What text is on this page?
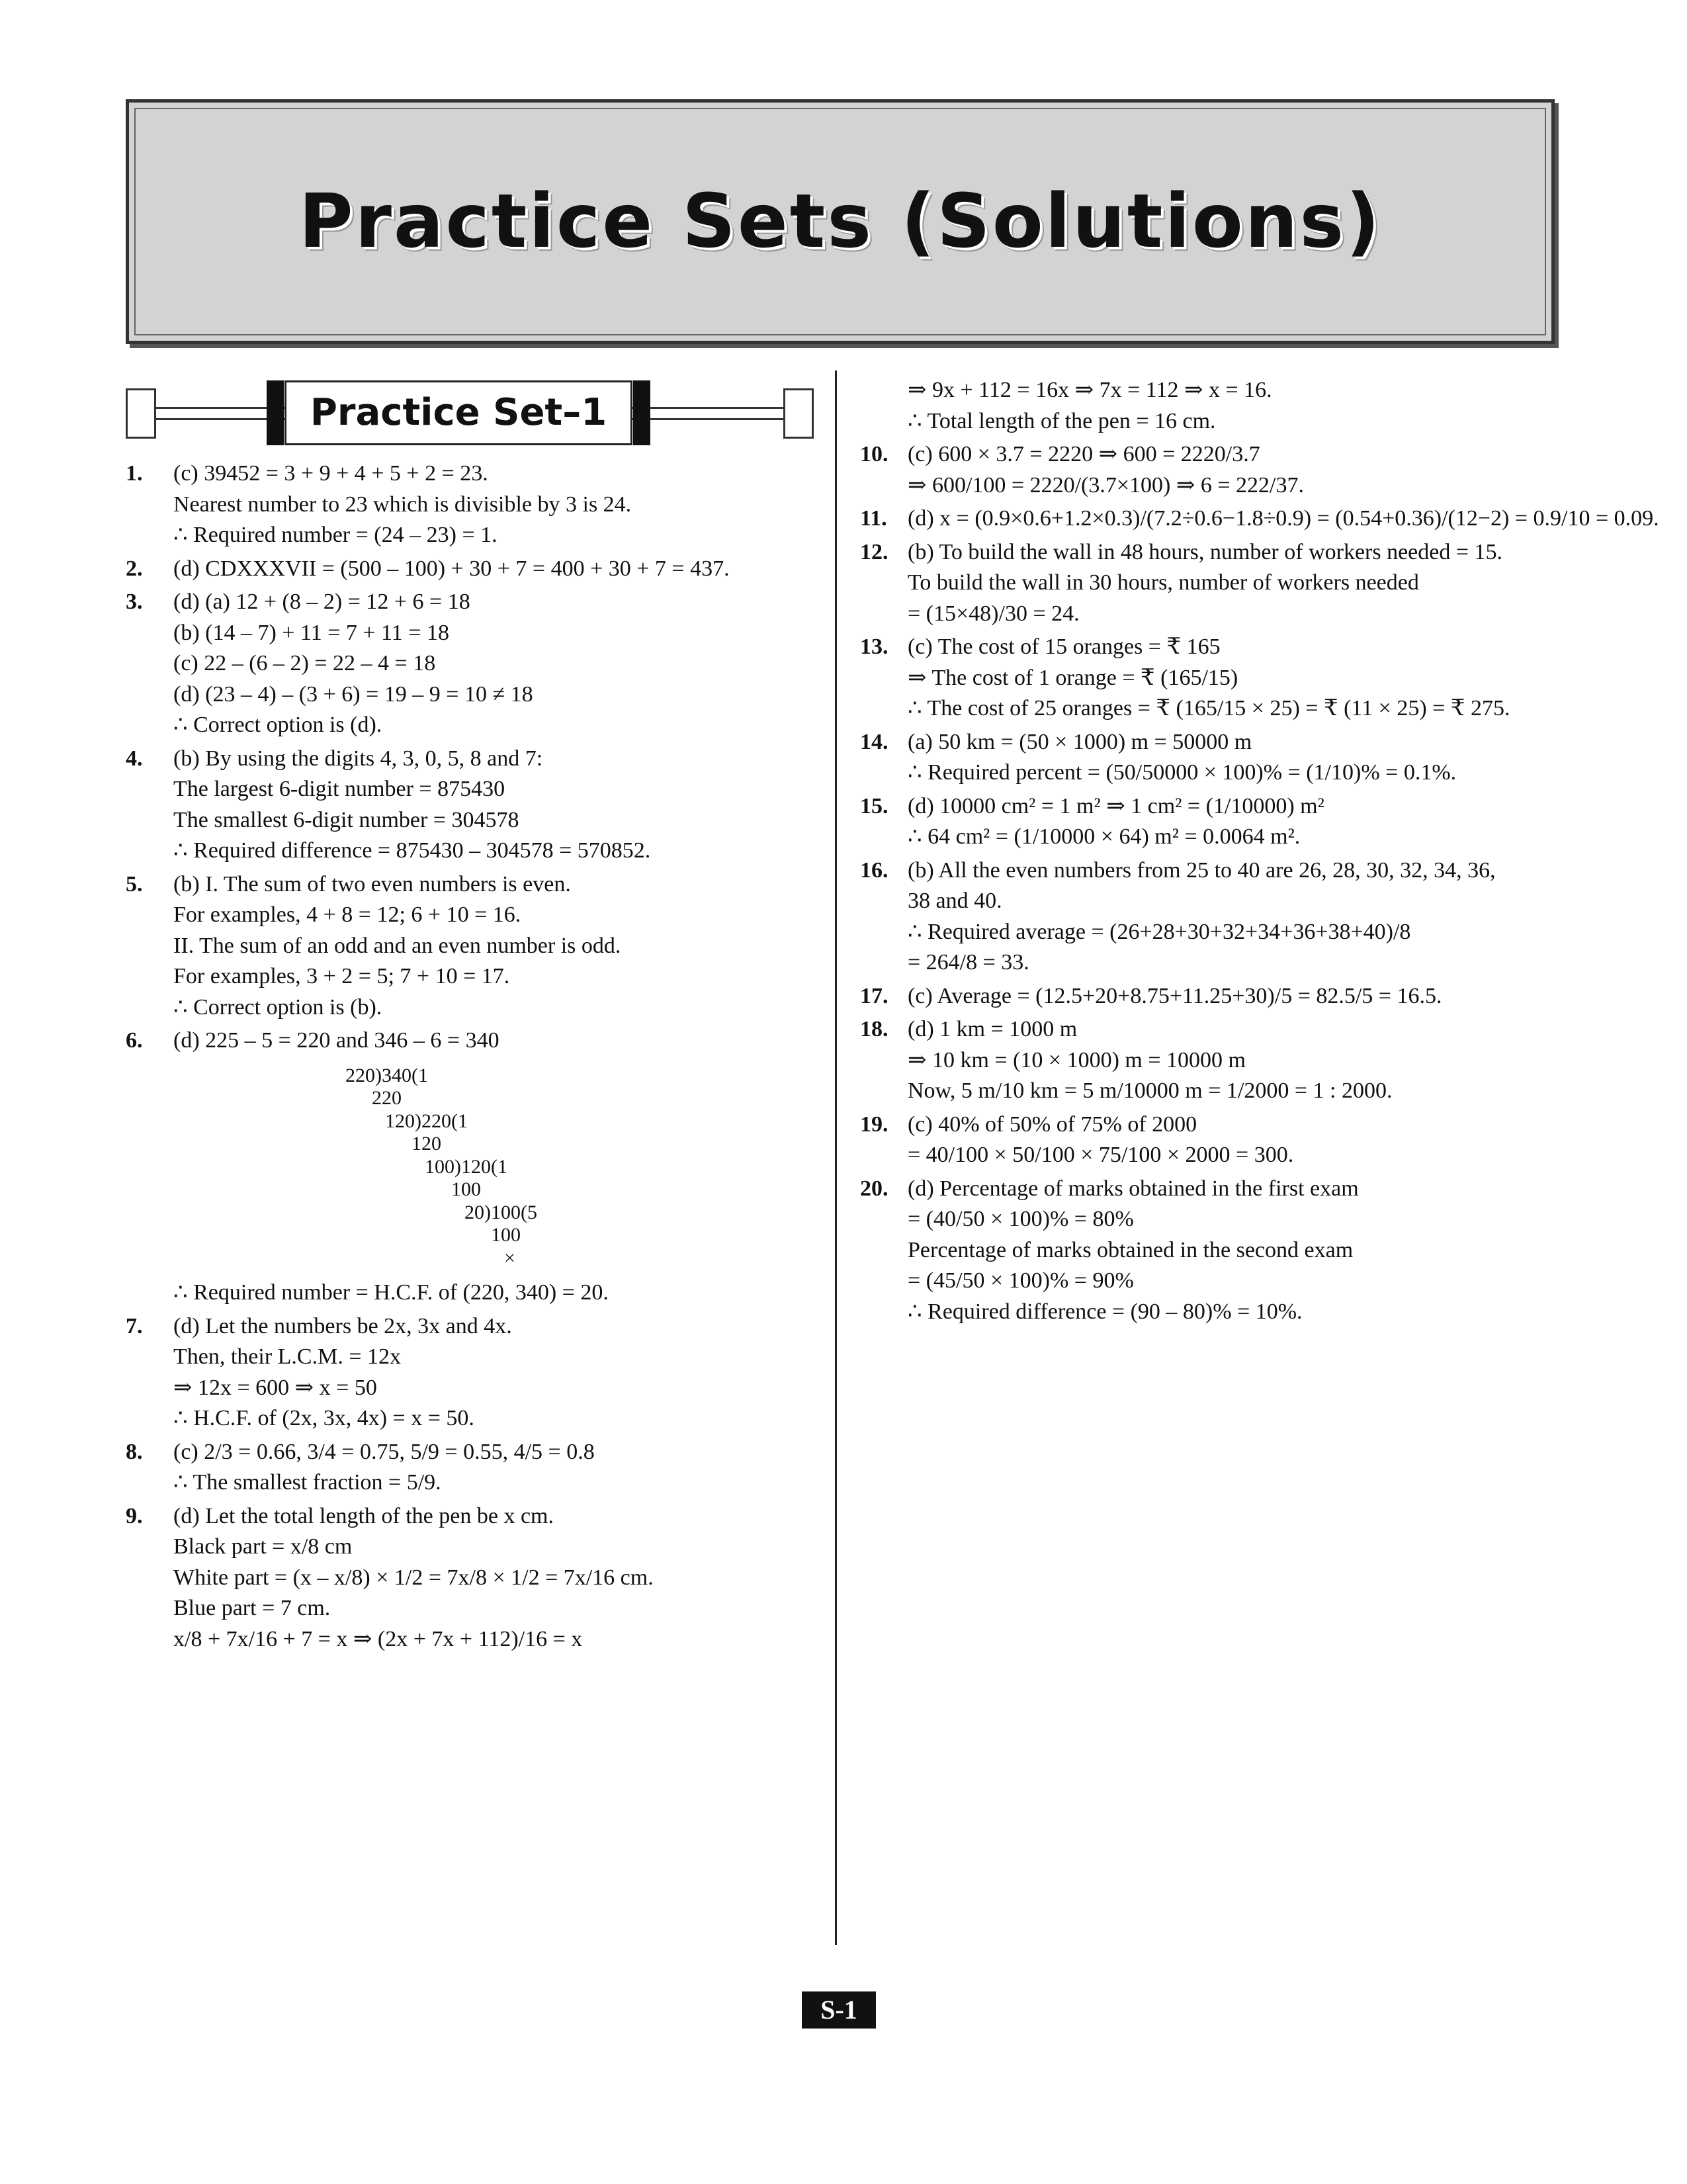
Practice Sets (Solutions)
Practice Set–1
1. (c) 39452 = 3 + 9 + 4 + 5 + 2 = 23.
Nearest number to 23 which is divisible by 3 is 24.
∴ Required number = (24 – 23) = 1.
2. (d) CDXXXVII = (500 – 100) + 30 + 7 = 400 + 30 + 7 = 437.
3. (d) (a) 12 + (8 – 2) = 12 + 6 = 18
(b) (14 – 7) + 11 = 7 + 11 = 18
(c) 22 – (6 – 2) = 22 – 4 = 18
(d) (23 – 4) – (3 + 6) = 19 – 9 = 10 ≠ 18
∴ Correct option is (d).
4. (b) By using the digits 4, 3, 0, 5, 8 and 7:
The largest 6-digit number = 875430
The smallest 6-digit number = 304578
∴ Required difference = 875430 – 304578 = 570852.
5. (b) I. The sum of two even numbers is even.
For examples, 4 + 8 = 12; 6 + 10 = 16.
II. The sum of an odd and an even number is odd.
For examples, 3 + 2 = 5; 7 + 10 = 17.
∴ Correct option is (b).
6. (d) 225 – 5 = 220 and 346 – 6 = 340
220)340(1
220
120)220(1
120
100)120(1
100
20)100(5
100
×
∴ Required number = H.C.F. of (220, 340) = 20.
7. (d) Let the numbers be 2x, 3x and 4x.
Then, their L.C.M. = 12x
⇒ 12x = 600 ⇒ x = 50
∴ H.C.F. of (2x, 3x, 4x) = x = 50.
8. (c) 2/3 = 0.66, 3/4 = 0.75, 5/9 = 0.55, 4/5 = 0.8
∴ The smallest fraction = 5/9.
9. (d) Let the total length of the pen be x cm.
Black part = x/8 cm
White part = (x – x/8) × 1/2 = 7x/8 × 1/2 = 7x/16 cm.
Blue part = 7 cm.
x/8 + 7x/16 + 7 = x ⇒ (2x + 7x + 112)/16 = x
⇒ 9x + 112 = 16x ⇒ 7x = 112 ⇒ x = 16.
∴ Total length of the pen = 16 cm.
10. (c) 600 × 3.7 = 2220 ⇒ 600 = 2220/3.7
⇒ 600/100 = 2220/(3.7×100) ⇒ 6 = 222/37.
11. (d) x = (0.9×0.6+1.2×0.3)/(7.2÷0.6−1.8÷0.9) = (0.54+0.36)/(12−2) = 0.9/10 = 0.09.
12. (b) To build the wall in 48 hours, number of workers needed = 15.
To build the wall in 30 hours, number of workers needed
= (15×48)/30 = 24.
13. (c) The cost of 15 oranges = ₹ 165
⇒ The cost of 1 orange = ₹ (165/15)
∴ The cost of 25 oranges = ₹ (165/15 × 25) = ₹ (11 × 25) = ₹ 275.
14. (a) 50 km = (50 × 1000) m = 50000 m
∴ Required percent = (50/50000 × 100)% = (1/10)% = 0.1%.
15. (d) 10000 cm² = 1 m² ⇒ 1 cm² = (1/10000) m²
∴ 64 cm² = (1/10000 × 64) m² = 0.0064 m².
16. (b) All the even numbers from 25 to 40 are 26, 28, 30, 32, 34, 36,
38 and 40.
∴ Required average = (26+28+30+32+34+36+38+40)/8
= 264/8 = 33.
17. (c) Average = (12.5+20+8.75+11.25+30)/5 = 82.5/5 = 16.5.
18. (d) 1 km = 1000 m
⇒ 10 km = (10 × 1000) m = 10000 m
Now, 5 m/10 km = 5 m/10000 m = 1/2000 = 1 : 2000.
19. (c) 40% of 50% of 75% of 2000
= 40/100 × 50/100 × 75/100 × 2000 = 300.
20. (d) Percentage of marks obtained in the first exam
= (40/50 × 100)% = 80%
Percentage of marks obtained in the second exam
= (45/50 × 100)% = 90%
∴ Required difference = (90 – 80)% = 10%.
S-1
